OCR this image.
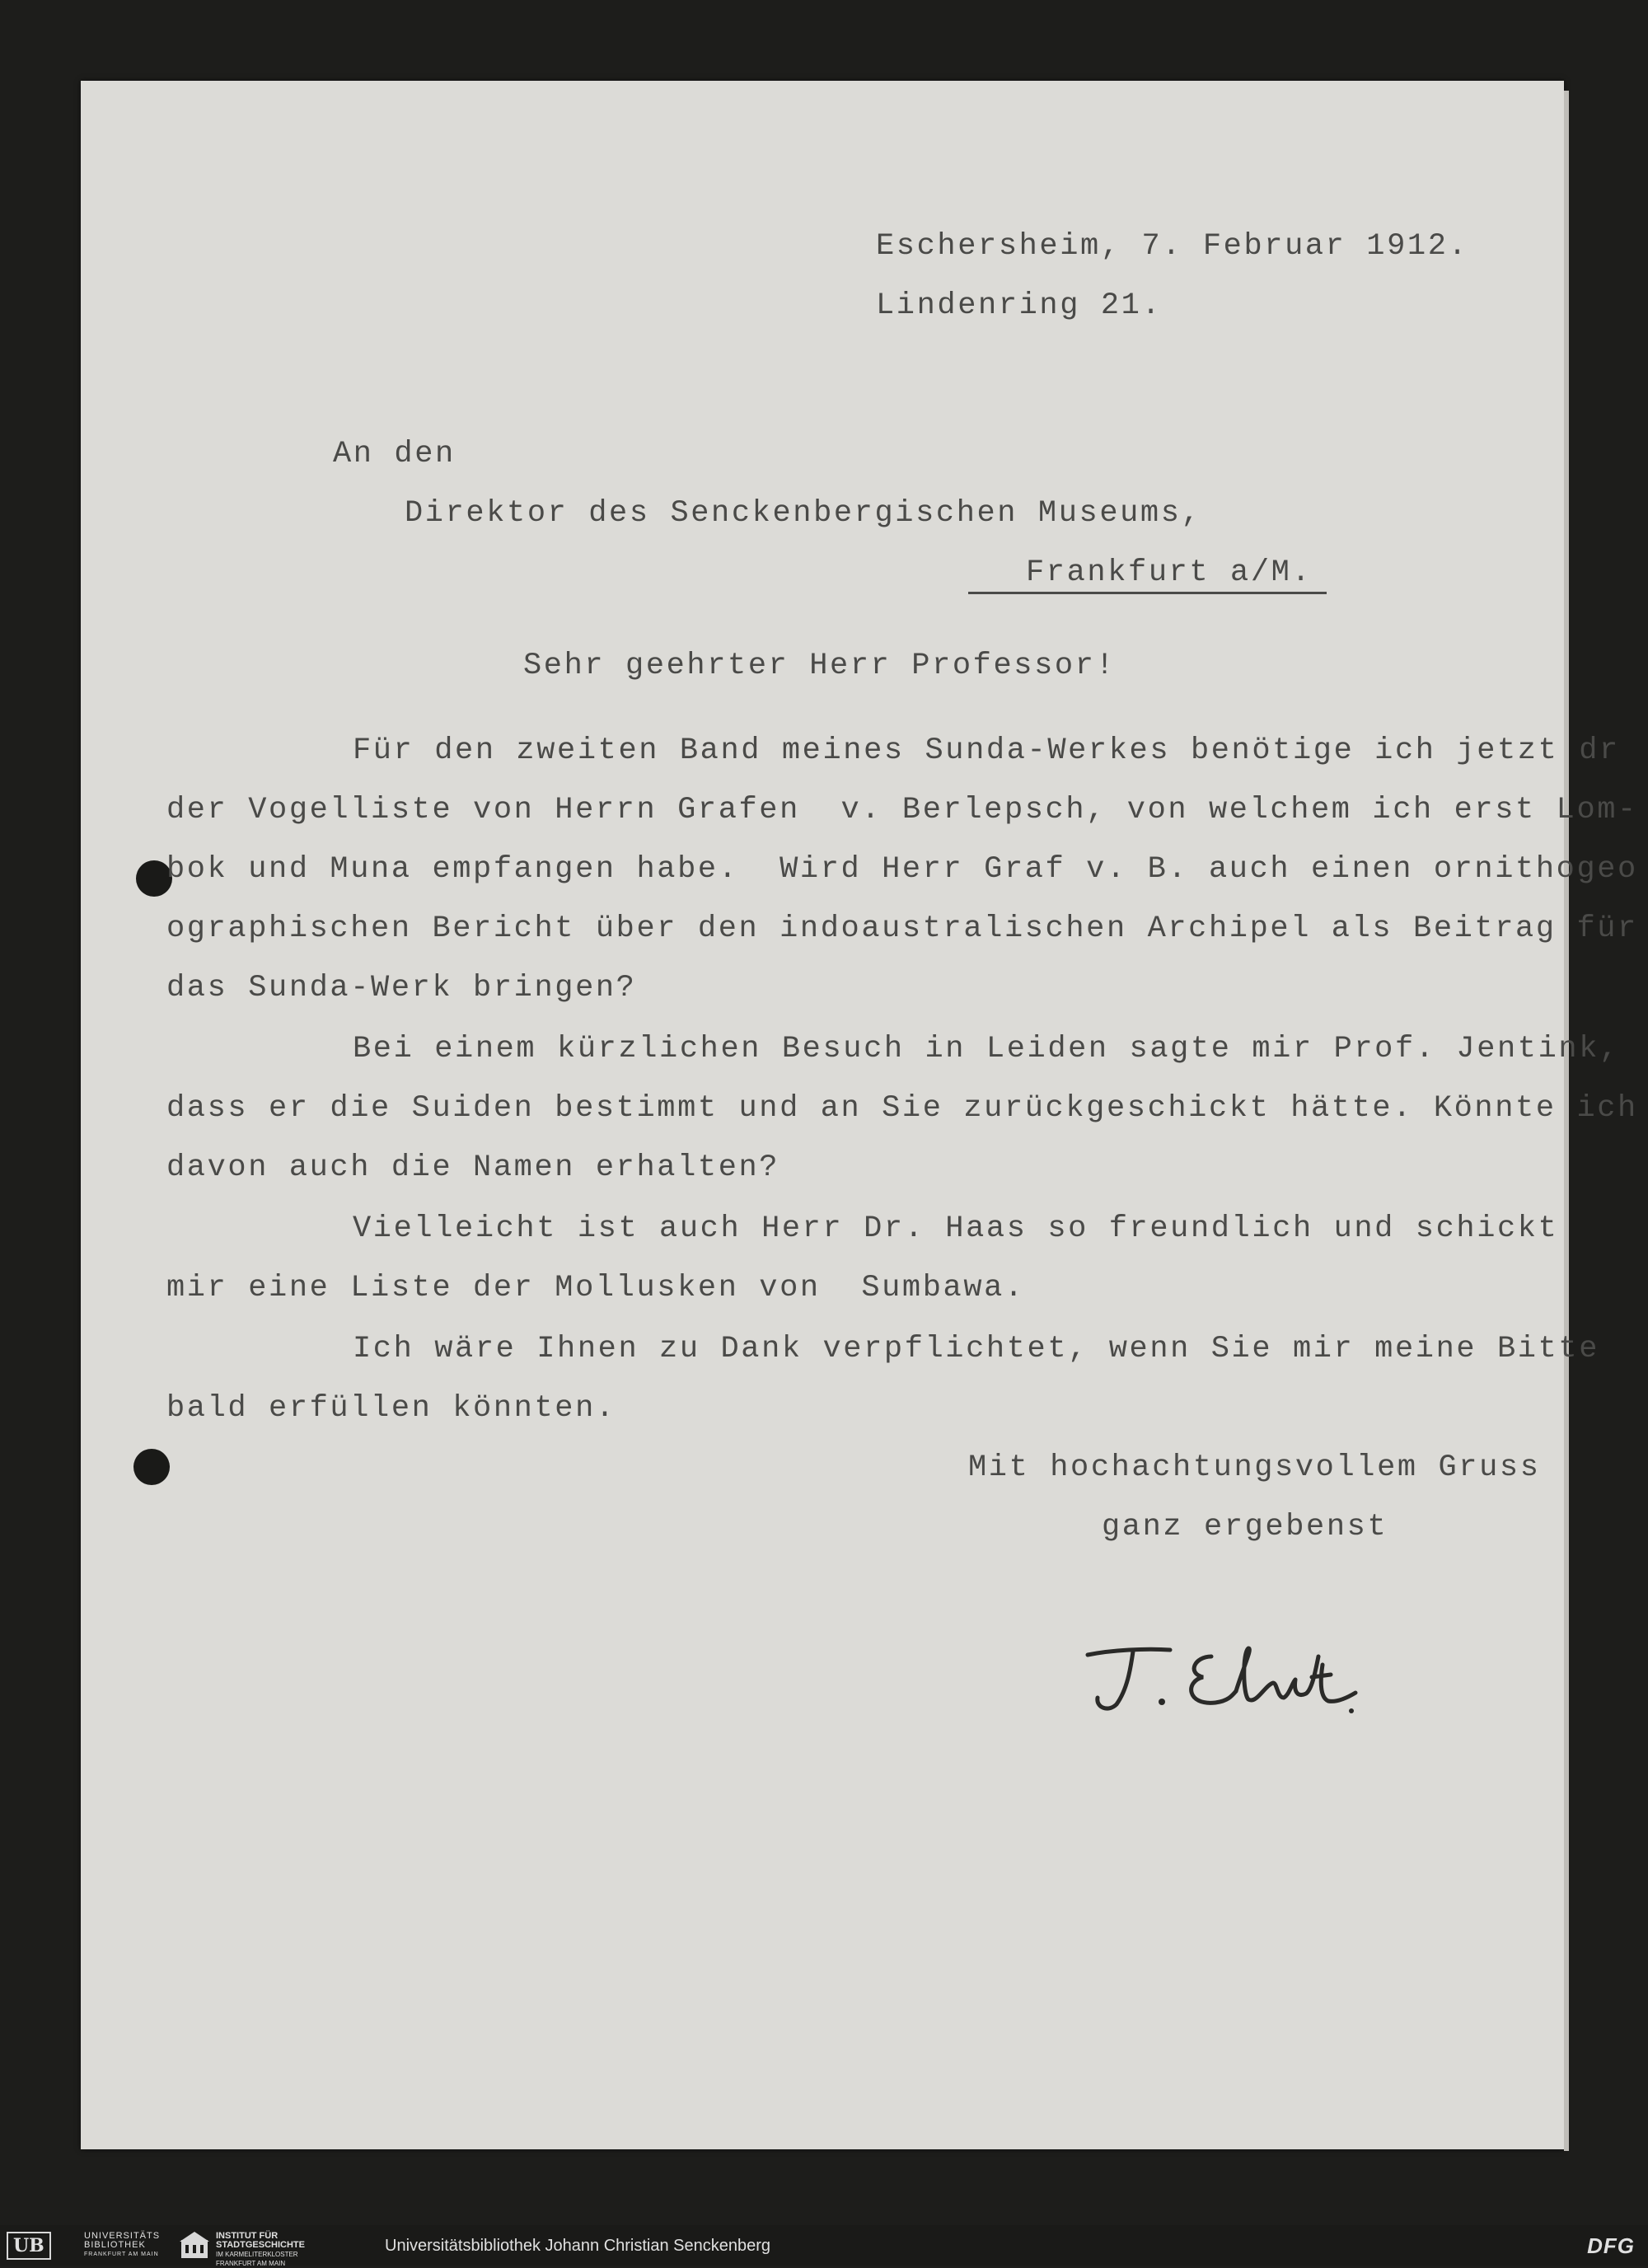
Eschersheim, 7. Februar 1912.
Lindenring 21.
An den
Direktor des Senckenbergischen Museums,
Frankfurt a/M.
Sehr geehrter Herr Professor!
Für den zweiten Band meines Sunda-Werkes benötige ich jetzt dr
der Vogelliste von Herrn Grafen  v. Berlepsch, von welchem ich erst Lom-
bok und Muna empfangen habe.  Wird Herr Graf v. B. auch einen ornithogeo
ographischen Bericht über den indoaustralischen Archipel als Beitrag für
das Sunda-Werk bringen?
Bei einem kürzlichen Besuch in Leiden sagte mir Prof. Jentink,
dass er die Suiden bestimmt und an Sie zurückgeschickt hätte. Könnte ich
davon auch die Namen erhalten?
Vielleicht ist auch Herr Dr. Haas so freundlich und schickt
mir eine Liste der Mollusken von  Sumbawa.
Ich wäre Ihnen zu Dank verpflichtet, wenn Sie mir meine Bitte
bald erfüllen könnten.
Mit hochachtungsvollem Gruss
ganz ergebenst
UB	UNIVERSITÄTS
BIBLIOTHEK
FRANKFURT AM MAIN
INSTITUT FÜR
STADTGESCHICHTE
IM KARMELITERKLOSTER
FRANKFURT AM MAIN
Universitätsbibliothek Johann Christian Senckenberg	DFG
